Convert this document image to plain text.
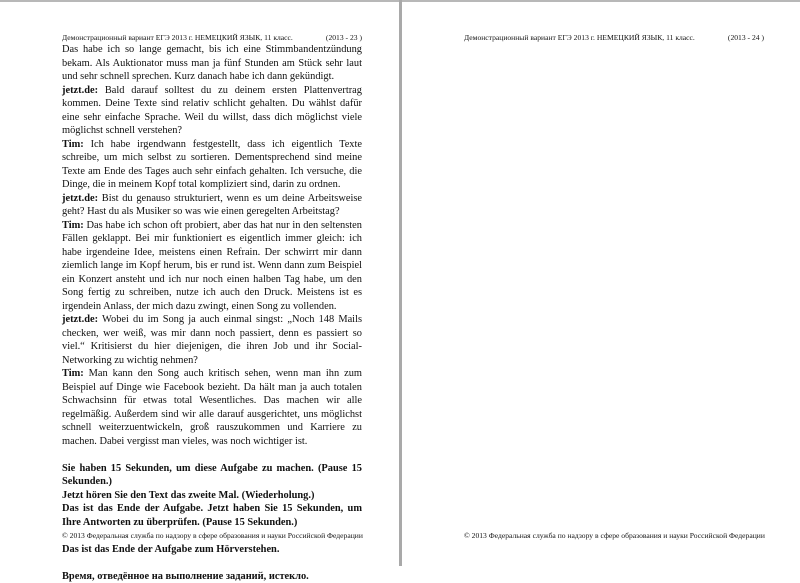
Демонстрационный вариант ЕГЭ 2013 г. НЕМЕЦКИЙ ЯЗЫК, 11 класс.	(2013 - 23 )

Das habe ich so lange gemacht, bis ich eine Stimmbandentzündung bekam. Als Auktionator muss man ja fünf Stunden am Stück sehr laut und sehr schnell sprechen. Kurz danach habe ich dann gekündigt.

jetzt.de: Bald darauf solltest du zu deinem ersten Plattenvertrag kommen. Deine Texte sind relativ schlicht gehalten. Du wählst dafür eine sehr einfache Sprache. Weil du willst, dass dich möglichst viele möglichst schnell verstehen?

Tim: Ich habe irgendwann festgestellt, dass ich eigentlich Texte schreibe, um mich selbst zu sortieren. Dementsprechend sind meine Texte am Ende des Tages auch sehr einfach gehalten. Ich versuche, die Dinge, die in meinem Kopf total kompliziert sind, darin zu ordnen.

jetzt.de: Bist du genauso strukturiert, wenn es um deine Arbeitsweise geht? Hast du als Musiker so was wie einen geregelten Arbeitstag?

Tim: Das habe ich schon oft probiert, aber das hat nur in den seltensten Fällen geklappt. Bei mir funktioniert es eigentlich immer gleich: ich habe irgendeine Idee, meistens einen Refrain. Der schwirrt mir dann ziemlich lange im Kopf herum, bis er rund ist. Wenn dann zum Beispiel ein Konzert ansteht und ich nur noch einen halben Tag habe, um den Song fertig zu schreiben, nutze ich auch den Druck. Meistens ist es irgendein Anlass, der mich dazu zwingt, einen Song zu vollenden.

jetzt.de: Wobei du im Song ja auch einmal singst: „Noch 148 Mails checken, wer weiß, was mir dann noch passiert, denn es passiert so viel.“ Kritisierst du hier diejenigen, die ihren Job und ihr Social-Networking zu wichtig nehmen?

Tim: Man kann den Song auch kritisch sehen, wenn man ihn zum Beispiel auf Dinge wie Facebook bezieht. Da hält man ja auch totalen Schwachsinn für etwas total Wesentliches. Das machen wir alle regelmäßig. Außerdem sind wir alle darauf ausgerichtet, uns möglichst schnell weiterzuentwickeln, groß rauszukommen und Karriere zu machen. Dabei vergisst man vieles, was noch wichtiger ist.

Sie haben 15 Sekunden, um diese Aufgabe zu machen. (Pause 15 Sekunden.)

Jetzt hören Sie den Text das zweite Mal. (Wiederholung.)

Das ist das Ende der Aufgabe. Jetzt haben Sie 15 Sekunden, um Ihre Antworten zu überprüfen. (Pause 15 Sekunden.)

Das ist das Ende der Aufgabe zum Hörverstehen.

Время, отведённое на выполнение заданий, истекло.

© 2013 Федеральная служба по надзору в сфере образования и науки Российской Федерации
Демонстрационный вариант ЕГЭ 2013 г. НЕМЕЦКИЙ ЯЗЫК, 11 класс.	(2013 - 24 )
© 2013 Федеральная служба по надзору в сфере образования и науки Российской Федерации
